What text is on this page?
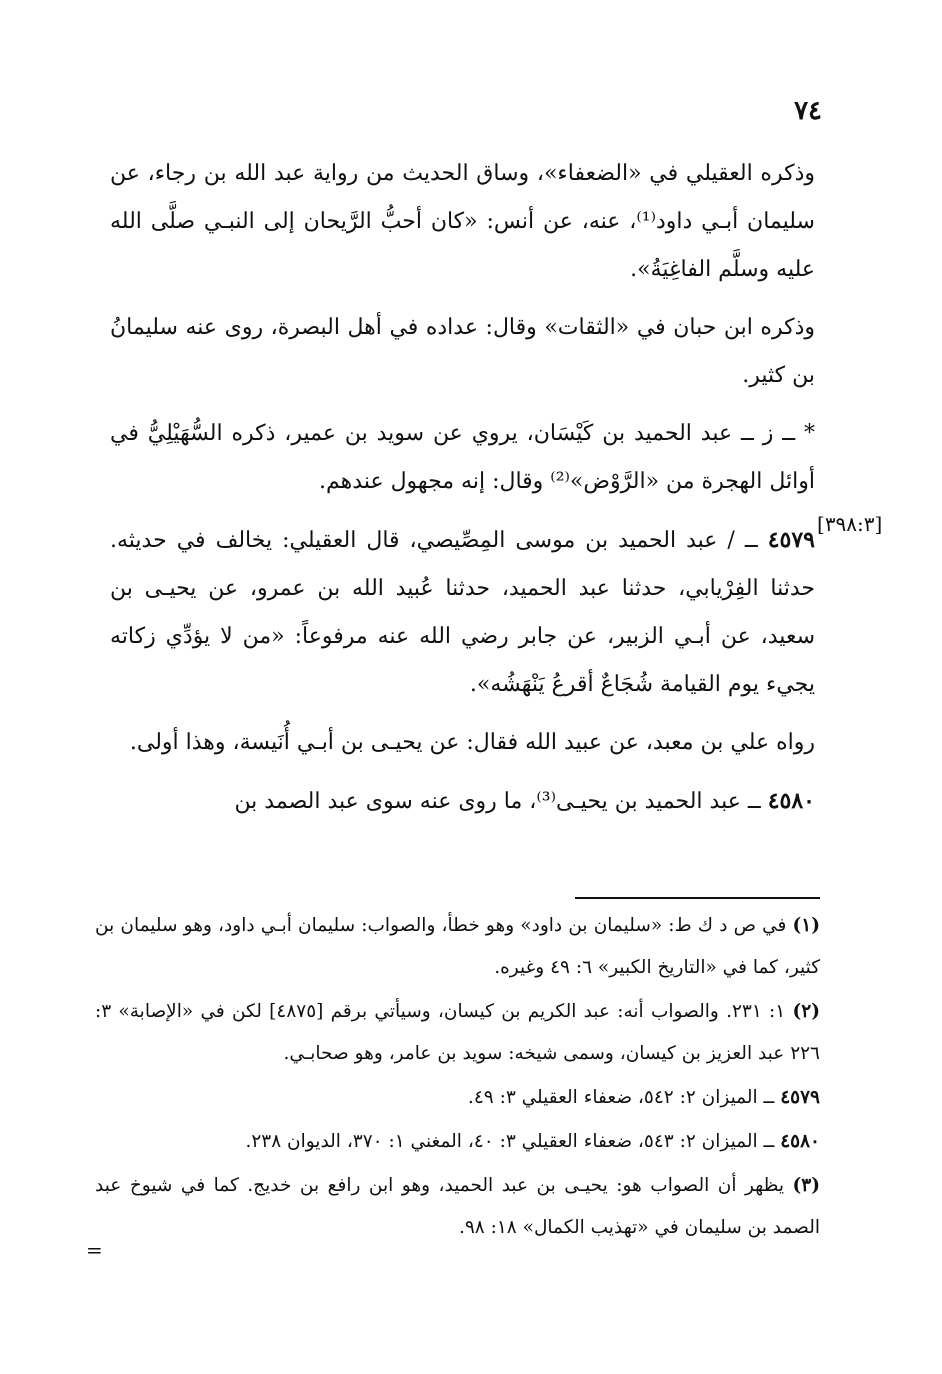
٧٤
[٣٩٨:٣]

وذكره العقيلي في «الضعفاء»، وساق الحديث من رواية عبد الله بن رجاء، عن سليمان أبـي داود⁽¹⁾، عنه، عن أنس: «كان أحبُّ الرَّيحان إلى النبـي صلَّى الله عليه وسلَّم الفاغِيَةُ».

وذكره ابن حبان في «الثقات» وقال: عداده في أهل البصرة، روى عنه سليمانُ بن كثير.

* ــ ز ــ عبد الحميد بن كَيْسَان، يروي عن سويد بن عمير، ذكره السُّهَيْلِيُّ في أوائل الهجرة من «الرَّوْض»⁽²⁾ وقال: إنه مجهول عندهم.

٤٥٧٩ ــ / عبد الحميد بن موسى المِصِّيصي، قال العقيلي: يخالف في حديثه. حدثنا الفِرْيابي، حدثنا عبد الحميد، حدثنا عُبيد الله بن عمرو، عن يحيـى بن سعيد، عن أبـي الزبير، عن جابر رضي الله عنه مرفوعاً: «من لا يؤدِّي زكاته يجيء يوم القيامة شُجَاعٌ أقرعُ يَنْهَشُه».

رواه علي بن معبد، عن عبيد الله فقال: عن يحيـى بن أبـي أُنَيسة، وهذا أولى.

٤٥٨٠ ــ عبد الحميد بن يحيـى⁽³⁾، ما روى عنه سوى عبد الصمد بن

(١) في ص د ك ط: «سليمان بن داود» وهو خطأ، والصواب: سليمان أبـي داود، وهو سليمان بن كثير، كما في «التاريخ الكبير» ٦: ٤٩ وغيره.

(٢) ١: ٢٣١. والصواب أنه: عبد الكريم بن كيسان، وسيأتي برقم [٤٨٧٥] لكن في «الإصابة» ٣: ٢٢٦ عبد العزيز بن كيسان، وسمى شيخه: سويد بن عامر، وهو صحابـي.

٤٥٧٩ ــ الميزان ٢: ٥٤٢، ضعفاء العقيلي ٣: ٤٩.

٤٥٨٠ ــ الميزان ٢: ٥٤٣، ضعفاء العقيلي ٣: ٤٠، المغني ١: ٣٧٠، الديوان ٢٣٨.

(٣) يظهر أن الصواب هو: يحيـى بن عبد الحميد، وهو ابن رافع بن خديج. كما في شيوخ عبد الصمد بن سليمان في «تهذيب الكمال» ١٨: ٩٨.

=
